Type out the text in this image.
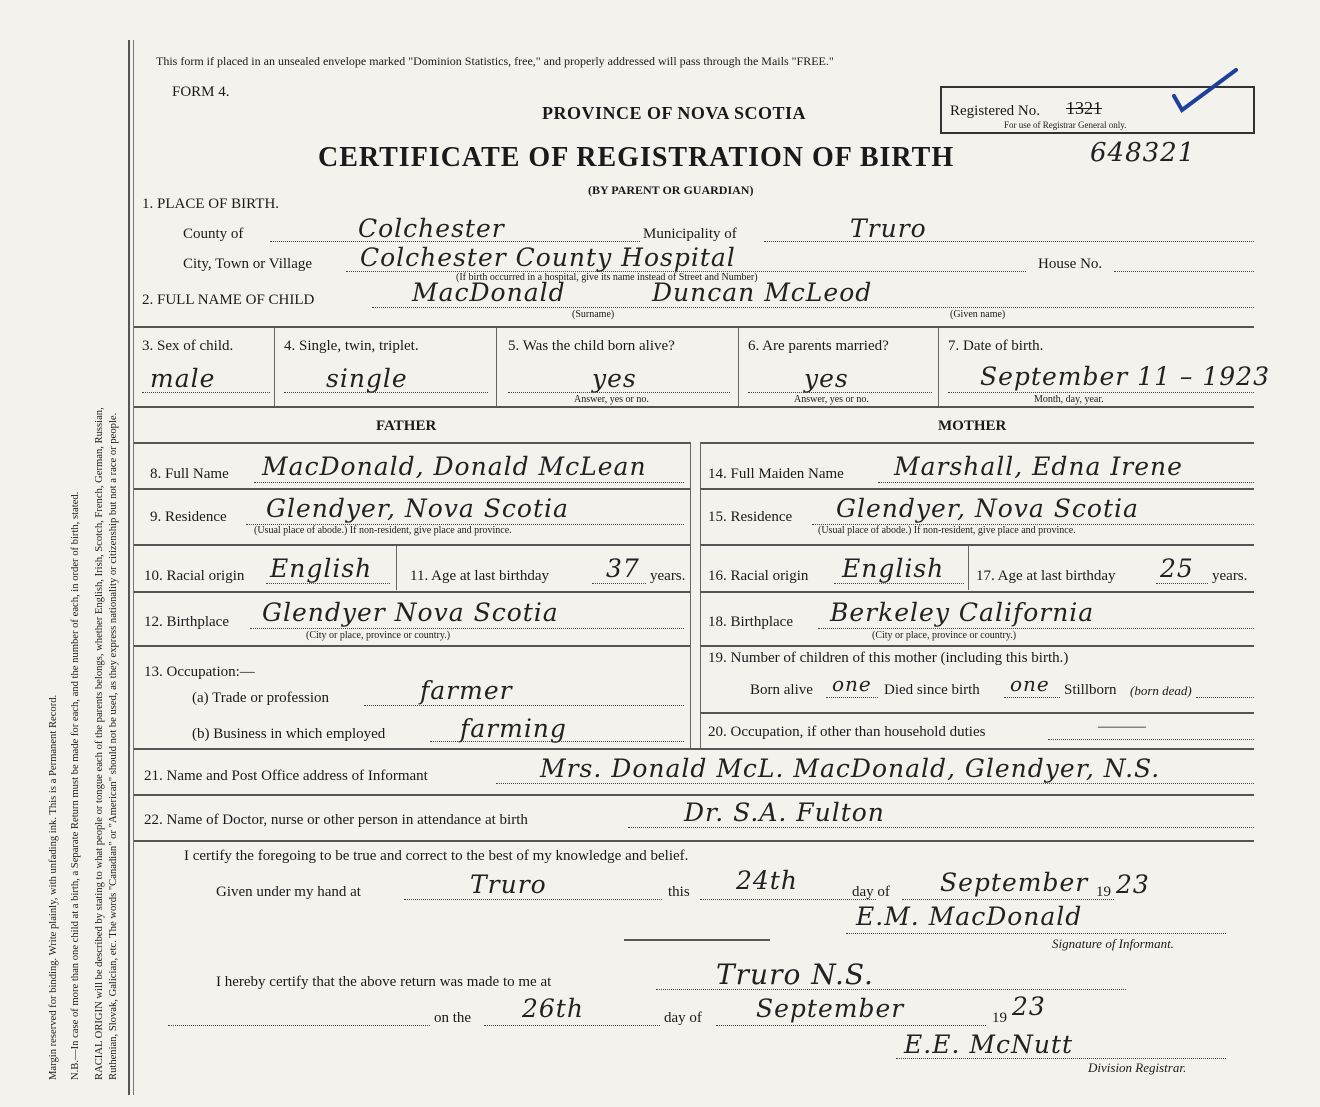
Margin reserved for binding. Write plainly, with unfading ink. This is a Permanent Record. N.B.—In case of more than one child at a birth, a Separate Return must be made for each, and the number of each, in order of birth, stated. RACIAL ORIGIN will be described by stating to what people or tongue each of the parents belongs, whether English, Irish, Scotch, French, German, Russian, Ruthenian, Slovak, Galician, etc. The words "Canadian" or "American" should not be used, as they express nationality or citizenship but not a race or people.
This form if placed in an unsealed envelope marked "Dominion Statistics, free," and properly addressed will pass through the Mails "FREE."
FORM 4.
PROVINCE OF NOVA SCOTIA	Registered No. 1321
For use of Registrar General only.
CERTIFICATE OF REGISTRATION OF BIRTH	648321
(BY PARENT OR GUARDIAN)
1. PLACE OF BIRTH.
County of	Colchester	Municipality of	Truro
City, Town or Village Colchester County Hospital
(If birth occurred in a hospital, give its name instead of Street and Number)
House No.
2. FULL NAME OF CHILD	MacDonald	Duncan McLeod
(Surname)	(Given name)
3. Sex of child.
male
4. Single, twin, triplet.
single
5. Was the child born alive?
yes
Answer, yes or no.
6. Are parents married?
yes
Answer, yes or no.
7. Date of birth.
September 11 – 1923
Month, day, year.
FATHER	MOTHER
8. Full Name MacDonald, Donald McLean
9. Residence Glendyer, Nova Scotia
(Usual place of abode.) If non-resident, give place and province.
10. Racial origin English	11. Age at last birthday 37 years.
12. Birthplace Glendyer Nova Scotia
(City or place, province or country.)
13. Occupation:—
(a) Trade or profession	farmer
(b) Business in which employed	farming
14. Full Maiden Name Marshall, Edna Irene
15. Residence Glendyer, Nova Scotia
(Usual place of abode.) If non-resident, give place and province.
16. Racial origin English 17. Age at last birthday 25 years.
18. Birthplace Berkeley California
(City or place, province or country.)
19. Number of children of this mother (including this birth.)
Born alive one Died since birth one Stillborn (born dead)
20. Occupation, if other than household duties	———
21. Name and Post Office address of Informant	Mrs. Donald McL. MacDonald, Glendyer, N.S.
22. Name of Doctor, nurse or other person in attendance at birth	Dr. S.A. Fulton
I certify the foregoing to be true and correct to the best of my knowledge and belief.
Given under my hand at	Truro	this 24th	day of September 19 23
E.M. MacDonald
Signature of Informant.
I hereby certify that the above return was made to me at	Truro N.S.
on the 26th	day of September	19 23
E.E. McNutt
Division Registrar.
